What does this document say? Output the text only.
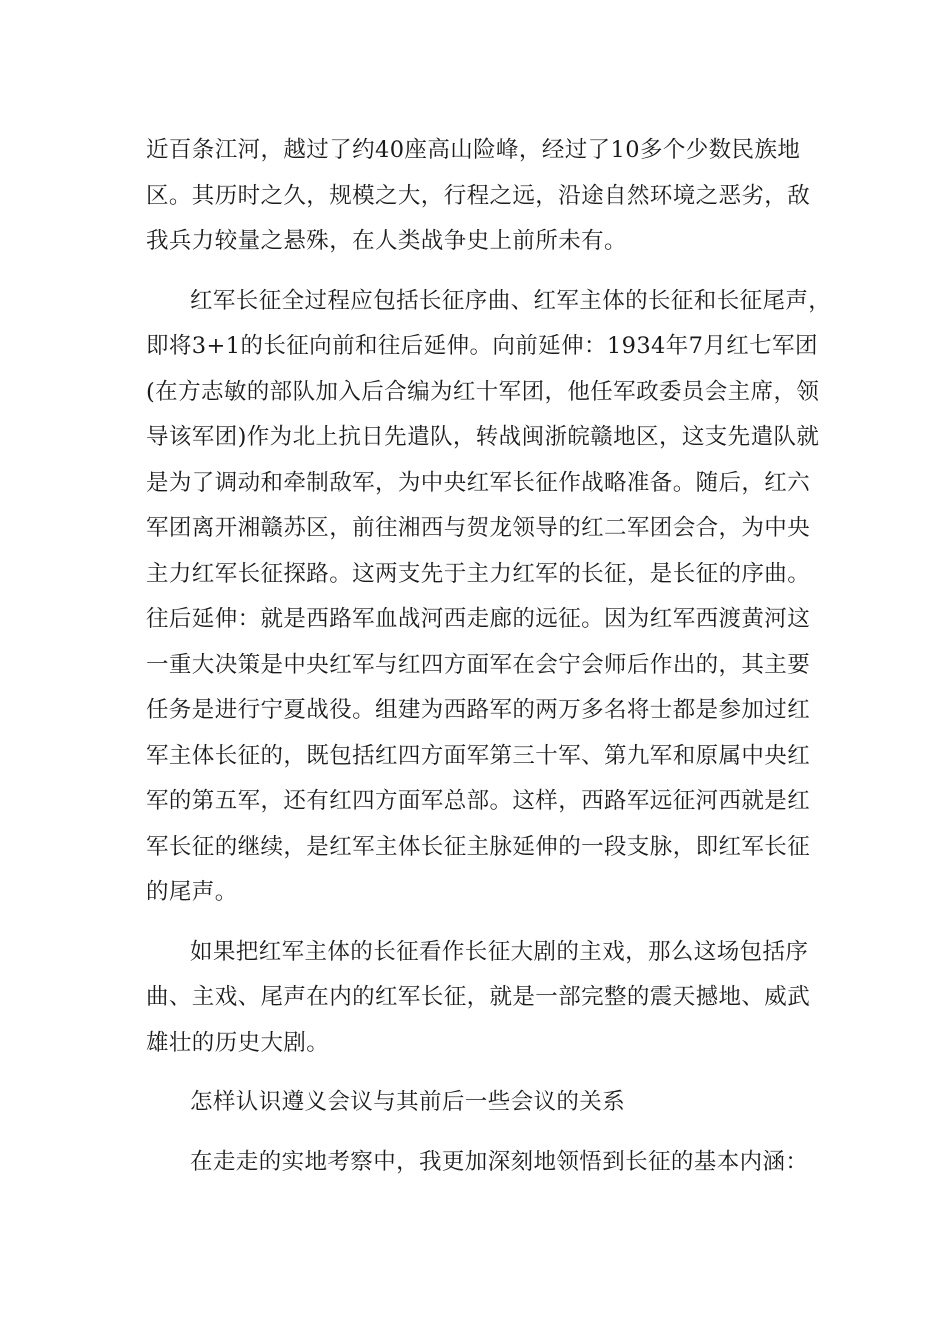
近百条江河，越过了约40座高山险峰，经过了10多个少数民族地
区。其历时之久，规模之大，行程之远，沿途自然环境之恶劣，敌
我兵力较量之悬殊，在人类战争史上前所未有。
红军长征全过程应包括长征序曲、红军主体的长征和长征尾声，
即将3+1的长征向前和往后延伸。向前延伸：1934年7月红七军团
(在方志敏的部队加入后合编为红十军团，他任军政委员会主席，领
导该军团)作为北上抗日先遣队，转战闽浙皖赣地区，这支先遣队就
是为了调动和牵制敌军，为中央红军长征作战略准备。随后，红六
军团离开湘赣苏区，前往湘西与贺龙领导的红二军团会合，为中央
主力红军长征探路。这两支先于主力红军的长征，是长征的序曲。
往后延伸：就是西路军血战河西走廊的远征。因为红军西渡黄河这
一重大决策是中央红军与红四方面军在会宁会师后作出的，其主要
任务是进行宁夏战役。组建为西路军的两万多名将士都是参加过红
军主体长征的，既包括红四方面军第三十军、第九军和原属中央红
军的第五军，还有红四方面军总部。这样，西路军远征河西就是红
军长征的继续，是红军主体长征主脉延伸的一段支脉，即红军长征
的尾声。
如果把红军主体的长征看作长征大剧的主戏，那么这场包括序
曲、主戏、尾声在内的红军长征，就是一部完整的震天撼地、威武
雄壮的历史大剧。
怎样认识遵义会议与其前后一些会议的关系
在走走的实地考察中，我更加深刻地领悟到长征的基本内涵：
